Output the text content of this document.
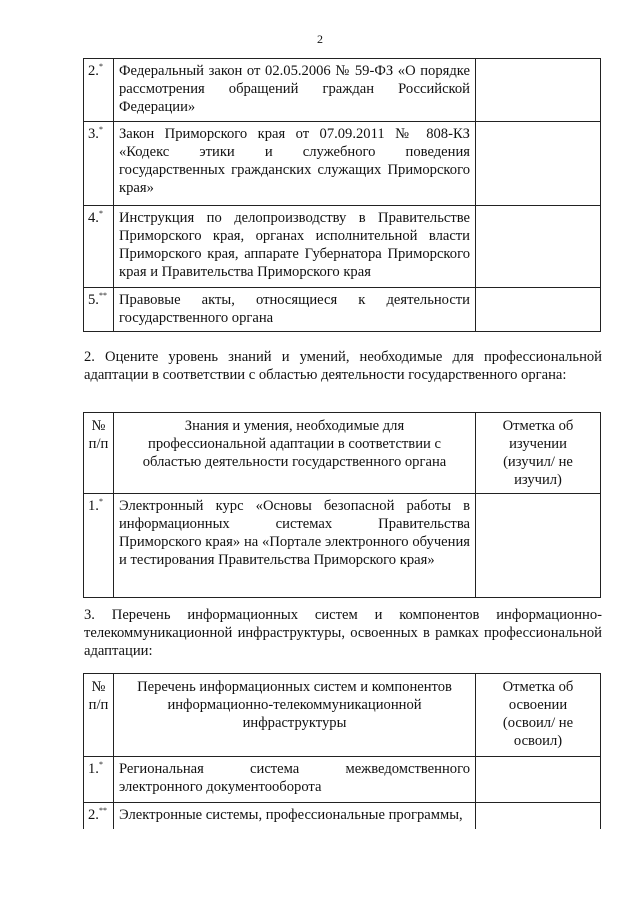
2
2.*	Федеральный закон от 02.05.2006 № 59-ФЗ «О порядке рассмотрения обращений граждан Российской Федерации»	
3.*	Закон Приморского края от 07.09.2011 № 808-КЗ «Кодекс этики и служебного поведения государственных гражданских служащих Приморского края»	
4.*	Инструкция по делопроизводству в Правительстве Приморского края, органах исполнительной власти Приморского края, аппарате Губернатора Приморского края и Правительства Приморского края	
5.**	Правовые акты, относящиеся к деятельности государственного органа	
2. Оцените уровень знаний и умений, необходимые для профессиональной адаптации в соответствии с областью деятельности государственного органа:
№ п/п	Знания и умения, необходимые для профессиональной адаптации в соответствии с областью деятельности государственного органа	Отметка об изучении (изучил/ не изучил)
1.*	Электронный курс «Основы безопасной работы в информационных системах Правительства Приморского края» на «Портале электронного обучения и тестирования Правительства Приморского края»	
3. Перечень информационных систем и компонентов информационно-телекоммуникационной инфраструктуры, освоенных в рамках профессиональной адаптации:
№ п/п	Перечень информационных систем и компонентов информационно-телекоммуникационной инфраструктуры	Отметка об освоении (освоил/ не освоил)
1.*	Региональная система межведомственного электронного документооборота	
2.**	Электронные системы, профессиональные программы,	
